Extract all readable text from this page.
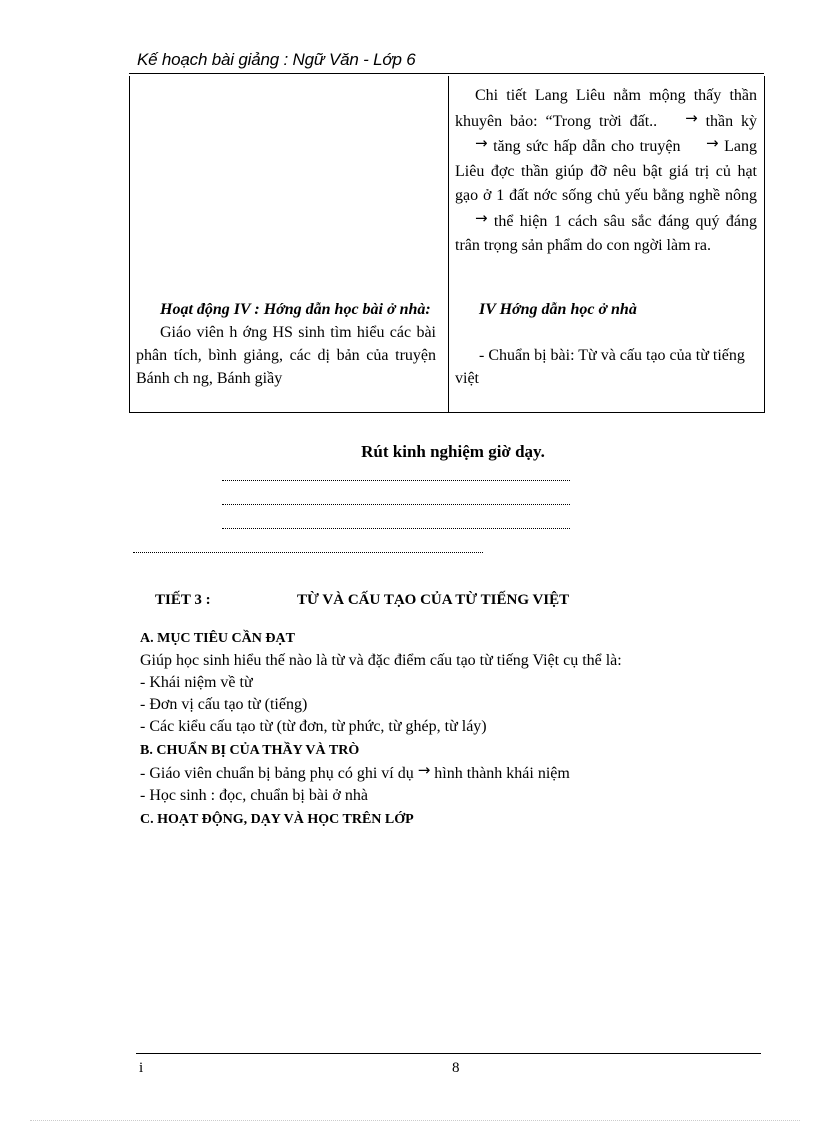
Kế hoạch bài giảng : Ngữ Văn - Lớp 6
Hoạt động IV : Hớng dẫn học bài ở nhà:
Giáo viên h ớng HS sinh tìm hiểu các bài phân tích, bình giảng, các dị bản của truyện Bánh ch ng, Bánh giầy
Chi tiết Lang Liêu nằm mộng thấy thần khuyên bảo: “Trong trời đất.. → thần kỳ → tăng sức hấp dẫn cho truyện → Lang Liêu đợc thần giúp đỡ nêu bật giá trị củ hạt gạo ở 1 đất nớc sống chủ yếu bằng nghề nông → thể hiện 1 cách sâu sắc đáng quý đáng trân trọng sản phẩm do con ngời làm ra.
IV Hớng dẫn học ở nhà
- Chuẩn bị bài: Từ và cấu tạo của từ tiếng việt
Rút kinh nghiệm giờ dạy.
TIẾT 3 :	TỪ VÀ CẤU TẠO CỦA TỪ TIẾNG VIỆT
A. MỤC TIÊU CẦN ĐẠT
Giúp học sinh hiểu thế nào là từ và đặc điểm cấu tạo từ tiếng Việt cụ thể là:
- Khái niệm về từ
- Đơn vị cấu tạo từ (tiếng)
- Các kiểu cấu tạo từ (từ đơn, từ phức, từ ghép, từ láy)
B. CHUẨN BỊ CỦA THẦY VÀ TRÒ
- Giáo viên chuẩn bị bảng phụ có ghi ví dụ → hình thành khái niệm
- Học sinh : đọc, chuẩn bị bài ở nhà
C. HOẠT ĐỘNG, DẠY VÀ HỌC TRÊN LỚP
i	8
